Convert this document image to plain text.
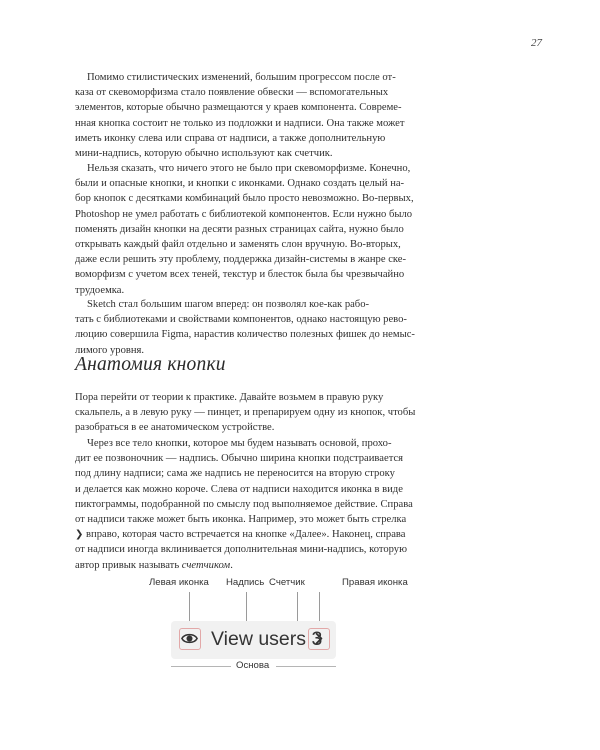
27

Помимо стилистических изменений, большим прогрессом после от-
каза от скевоморфизма стало появление обвески — вспомогательных
элементов, которые обычно размещаются у краев компонента. Совреме-
нная кнопка состоит не только из подложки и надписи. Она также может
иметь иконку слева или справа от надписи, а также дополнительную
мини-надпись, которую обычно используют как счетчик.

Нельзя сказать, что ничего этого не было при скевоморфизме. Конечно,
были и опасные кнопки, и кнопки с иконками. Однако создать целый на-
бор кнопок с десятками комбинаций было просто невозможно. Во-первых,
Photoshop не умел работать с библиотекой компонентов. Если нужно было
поменять дизайн кнопки на десяти разных страницах сайта, нужно было
открывать каждый файл отдельно и заменять слон вручную. Во-вторых,
даже если решить эту проблему, поддержка дизайн-системы в жанре ске-
воморфизм с учетом всех теней, текстур и блесток была бы чрезвычайно
трудоемка.

Sketch стал большим шагом вперед: он позволял кое-как рабо-
тать с библиотеками и свойствами компонентов, однако настоящую рево-
люцию совершила Figma, нарастив количество полезных фишек до немыс-
лимого уровня.

Анатомия кнопки

Пора перейти от теории к практике. Давайте возьмем в правую руку
скальпель, а в левую руку — пинцет, и препарируем одну из кнопок, чтобы
разобраться в ее анатомическом устройстве.

Через все тело кнопки, которое мы будем называть основой, прохо-
дит ее позвоночник — надпись. Обычно ширина кнопки подстраивается
под длину надписи; сама же надпись не переносится на вторую строку
и делается как можно короче. Слева от надписи находится иконка в виде
пиктограммы, подобранной по смыслу под выполняемое действие. Справа
от надписи также может быть иконка. Например, это может быть стрелка
❯ вправо, которая часто встречается на кнопке «Далее». Наконец, справа
от надписи иногда вклинивается дополнительная мини-надпись, которую
автор привык называть счетчиком.

Левая иконка Надпись Счетчик	Правая иконка
View users 3
Основа
